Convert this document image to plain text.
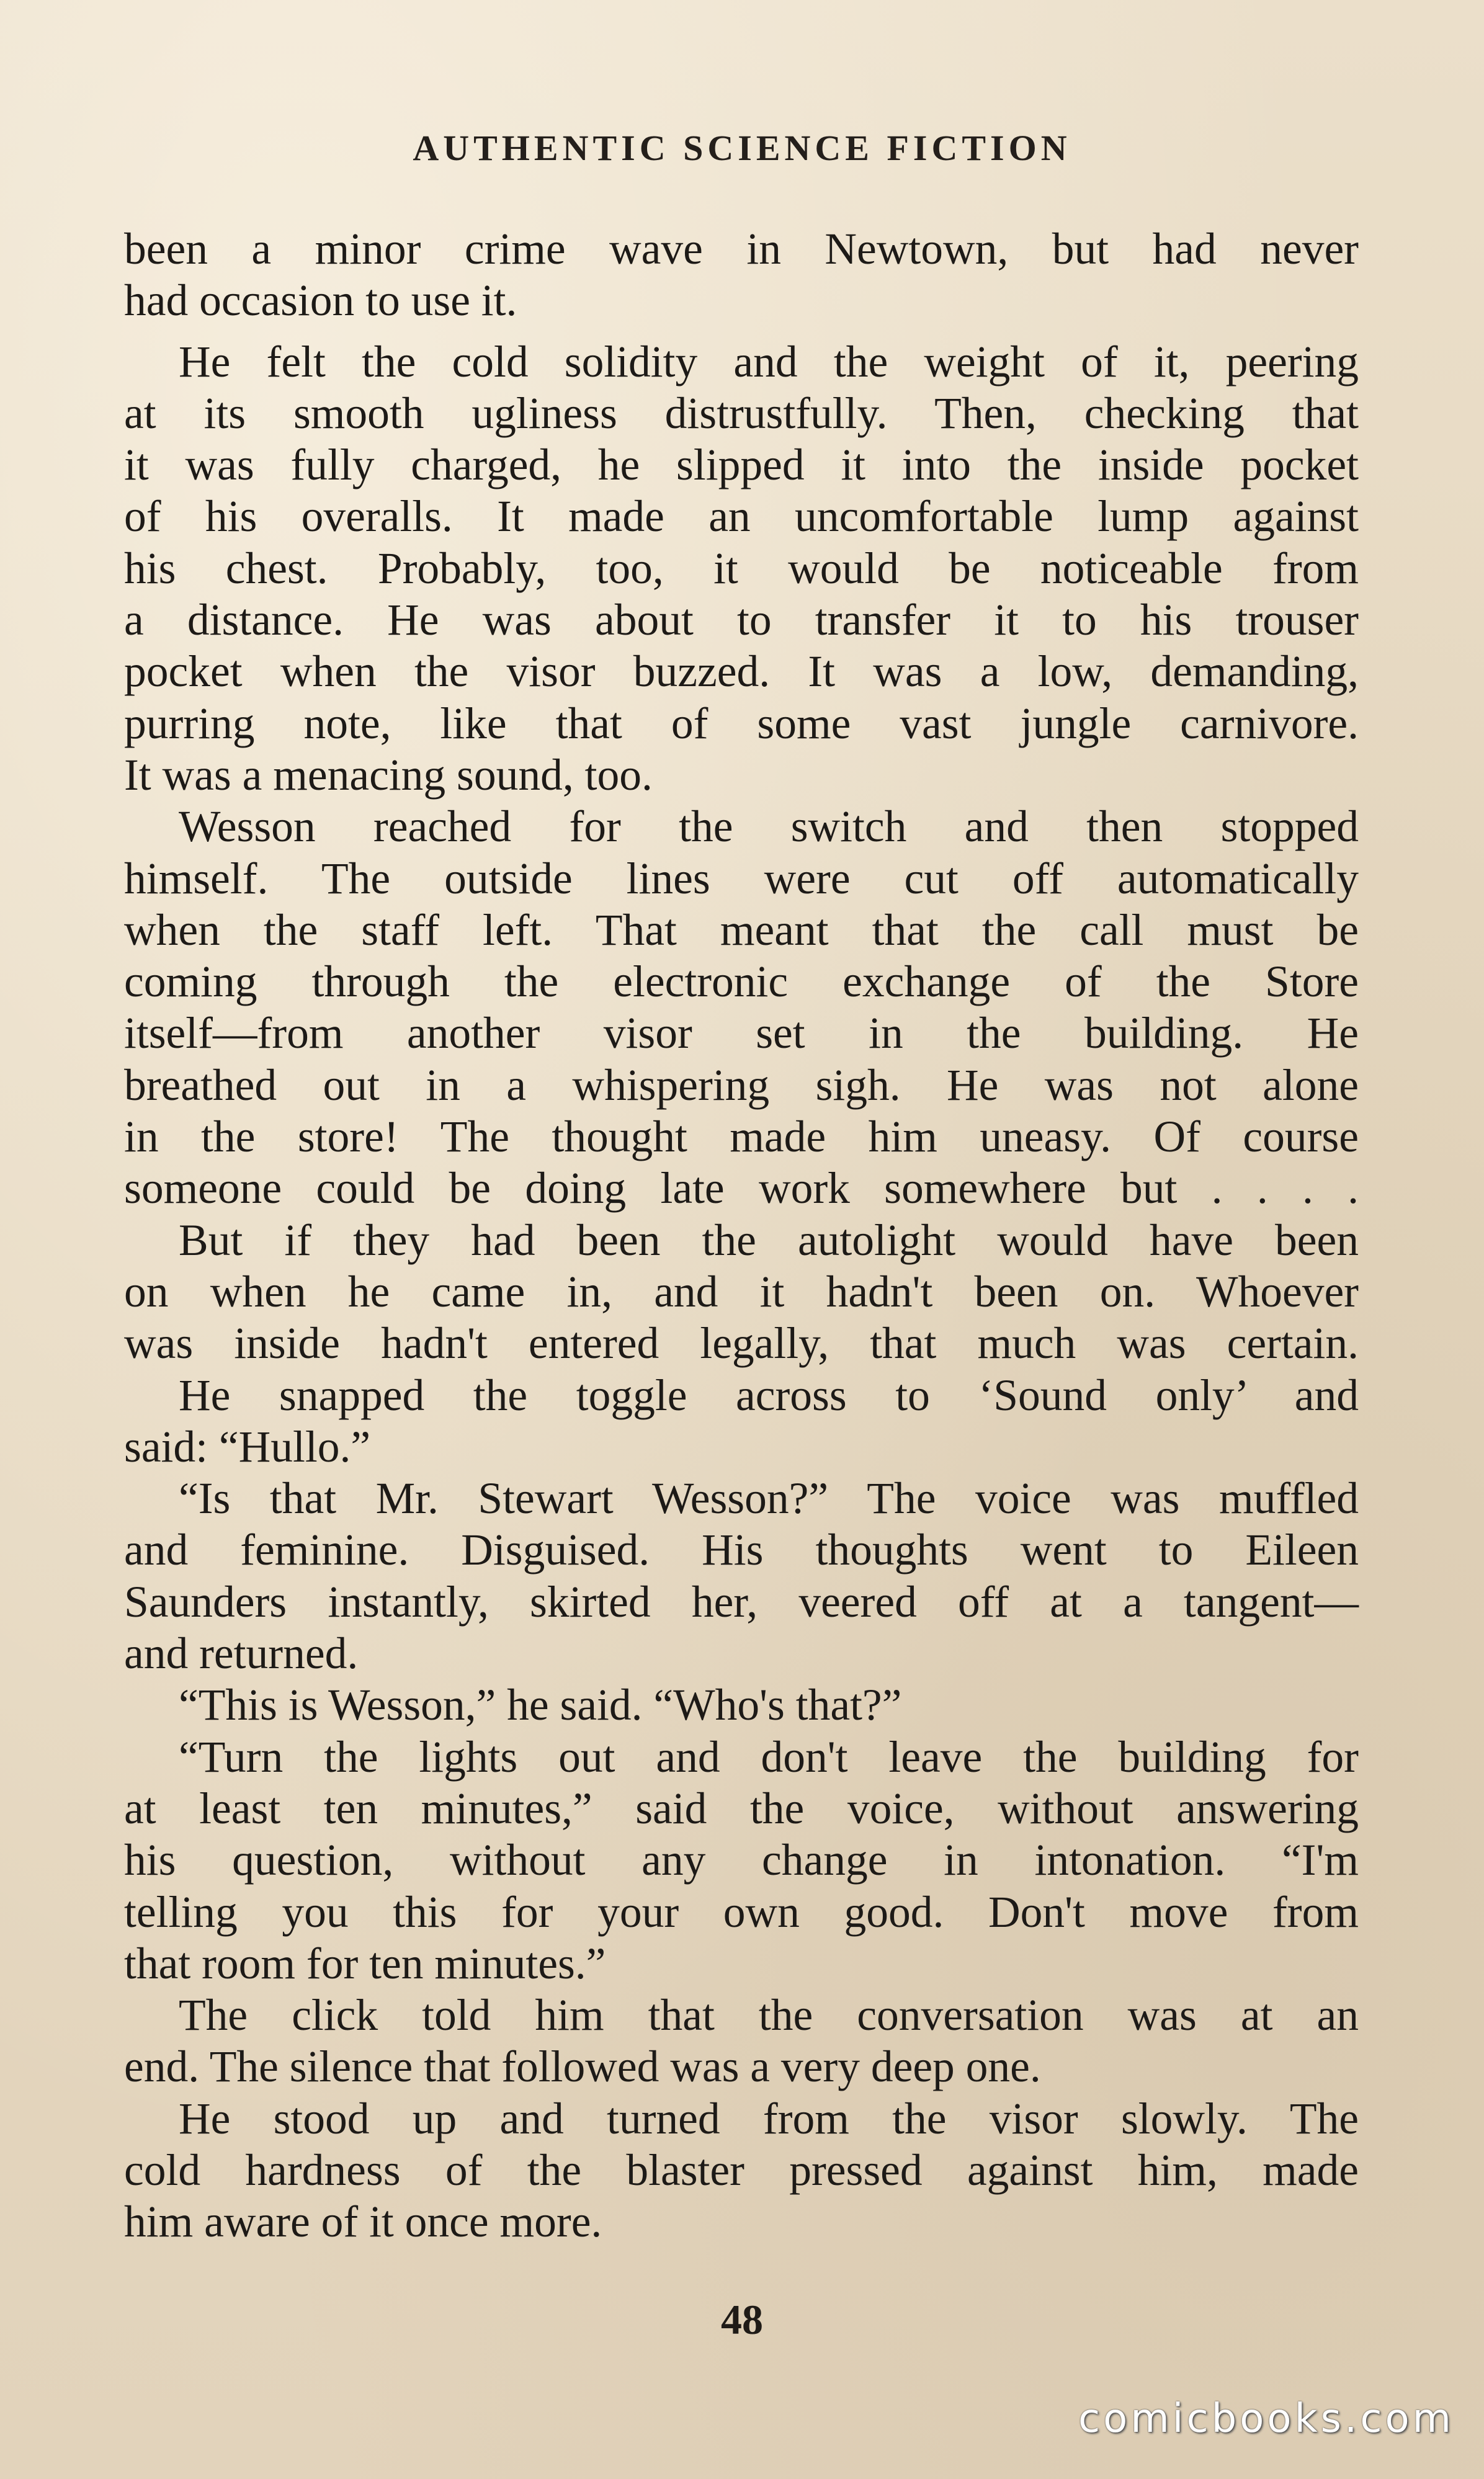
AUTHENTIC SCIENCE FICTION

been a minor crime wave in Newtown, but had never
had occasion to use it.

He felt the cold solidity and the weight of it, peering
at its smooth ugliness distrustfully. Then, checking that
it was fully charged, he slipped it into the inside pocket
of his overalls. It made an uncomfortable lump against
his chest. Probably, too, it would be noticeable from
a distance. He was about to transfer it to his trouser
pocket when the visor buzzed. It was a low, demanding,
purring note, like that of some vast jungle carnivore.
It was a menacing sound, too.

Wesson reached for the switch and then stopped
himself. The outside lines were cut off automatically
when the staff left. That meant that the call must be
coming through the electronic exchange of the Store
itself—from another visor set in the building. He
breathed out in a whispering sigh. He was not alone
in the store! The thought made him uneasy. Of course
someone could be doing late work somewhere but . . . .

But if they had been the autolight would have been
on when he came in, and it hadn't been on. Whoever
was inside hadn't entered legally, that much was certain.

He snapped the toggle across to ‘Sound only’ and
said: “Hullo.”

“Is that Mr. Stewart Wesson?” The voice was muffled
and feminine. Disguised. His thoughts went to Eileen
Saunders instantly, skirted her, veered off at a tangent—
and returned.

“This is Wesson,” he said. “Who's that?”

“Turn the lights out and don't leave the building for
at least ten minutes,” said the voice, without answering
his question, without any change in intonation. “I'm
telling you this for your own good. Don't move from
that room for ten minutes.”

The click told him that the conversation was at an
end. The silence that followed was a very deep one.

He stood up and turned from the visor slowly. The
cold hardness of the blaster pressed against him, made
him aware of it once more.

48
comicbooks.com
